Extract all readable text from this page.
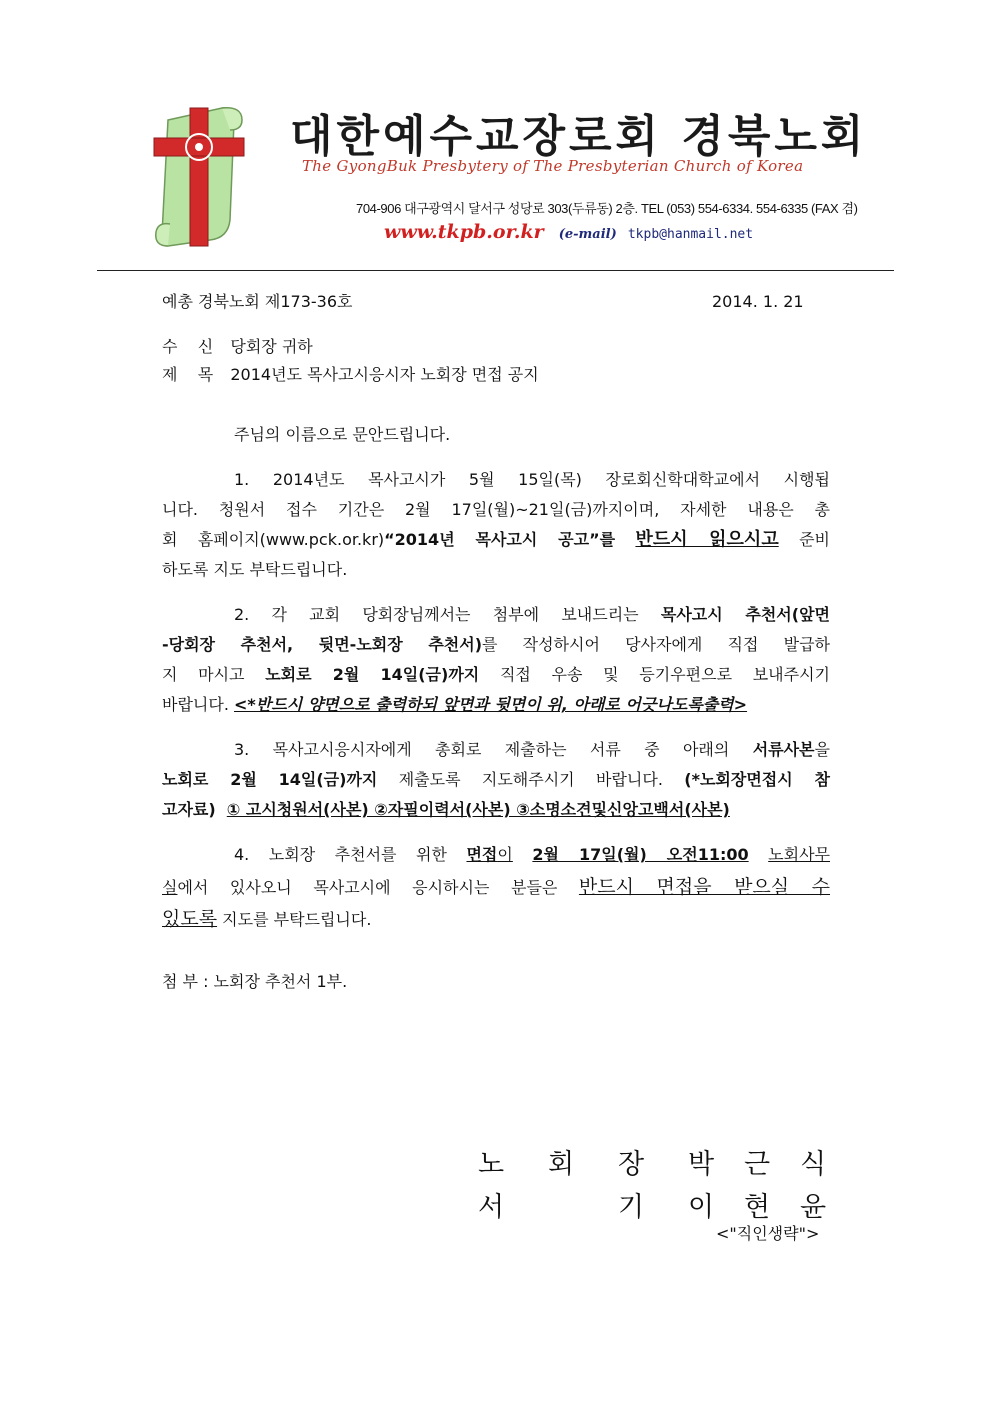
대한예수교장로회 경북노회
The GyongBuk Presbytery of The Presbyterian Church of Korea
704-906 대구광역시 달서구 성당로 303(두류동) 2층. TEL (053) 554-6334. 554-6335 (FAX 겸)
www.tkpb.or.kr (e-mail) tkpb@hanmail.net
예총 경북노회 제173-36호	2014. 1. 21
수    신 당회장 귀하
제    목 2014년도 목사고시응시자 노회장 면접 공지
주님의 이름으로 문안드립니다.
1. 2014년도 목사고시가 5월 15일(목) 장로회신학대학교에서 시행됩
니다. 청원서 접수 기간은 2월 17일(월)~21일(금)까지이며, 자세한 내용은 총
회 홈페이지(www.pck.or.kr)“2014년 목사고시 공고”를 반드시 읽으시고 준비
하도록 지도 부탁드립니다.
2. 각 교회 당회장님께서는 첨부에 보내드리는 목사고시 추천서(앞면
-당회장 추천서, 뒷면-노회장 추천서)를 작성하시어 당사자에게 직접 발급하
지 마시고 노회로 2월 14일(금)까지 직접 우송 및 등기우편으로 보내주시기
바랍니다. <*반드시 양면으로 출력하되 앞면과 뒷면이 위, 아래로 어긋나도록출력>
3. 목사고시응시자에게 총회로 제출하는 서류 중 아래의 서류사본을
노회로 2월 14일(금)까지 제출도록 지도해주시기 바랍니다. (*노회장면접시 참
고자료) ① 고시청원서(사본) ②자필이력서(사본) ③소명소견및신앙고백서(사본)
4. 노회장 추천서를 위한 면접이 2월 17일(월) 오전11:00 노회사무
실에서 있사오니 목사고시에 응시하시는 분들은 반드시 면접을 받으실 수
있도록 지도를 부탁드립니다.
첨 부 : 노회장 추천서 1부.
노 회 장 박 근 식
서	기 이 현 윤
<"직인생략">
